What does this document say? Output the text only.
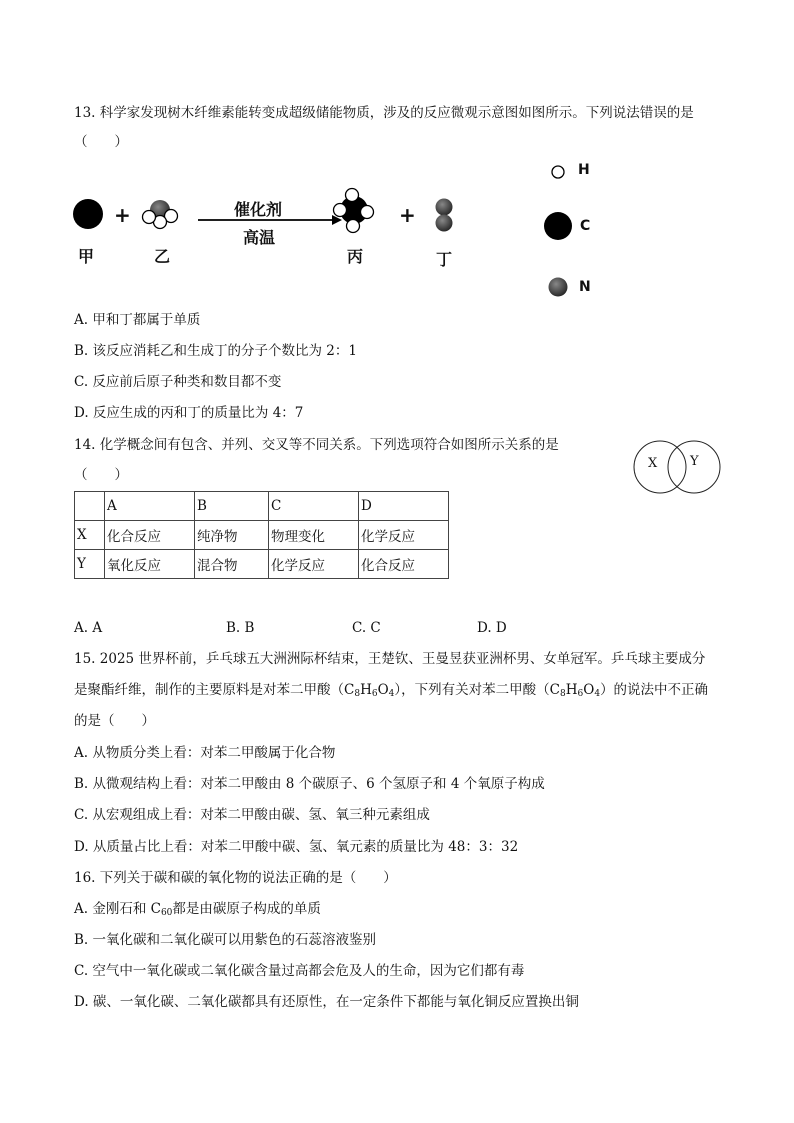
13. 科学家发现树木纤维素能转变成超级储能物质，涉及的反应微观示意图如图所示。下列说法错误的是
（　　）
+	+
催化剂
高温
甲	乙	丙	丁
H
C
N
A. 甲和丁都属于单质
B. 该反应消耗乙和生成丁的分子个数比为 2：1
C. 反应前后原子种类和数目都不变
D. 反应生成的丙和丁的质量比为 4：7
14. 化学概念间有包含、并列、交叉等不同关系。下列选项符合如图所示关系的是
（　　）
X	Y
	A	B	C	D
X	化合反应	纯净物	物理变化	化学反应
Y	氧化反应	混合物	化学反应	化合反应
A. A	B. B	C. C	D. D
15. 2025 世界杯前，乒乓球五大洲洲际杯结束，王楚钦、王曼昱获亚洲杯男、女单冠军。乒乓球主要成分
是聚酯纤维，制作的主要原料是对苯二甲酸$(C_8H_6O_4)$，下列有关对苯二甲酸$(C_8H_6O_4)$的说法中不正确
的是（　　）
A. 从物质分类上看：对苯二甲酸属于化合物
B. 从微观结构上看：对苯二甲酸由 8 个碳原子、6 个氢原子和 4 个氧原子构成
C. 从宏观组成上看：对苯二甲酸由碳、氢、氧三种元素组成
D. 从质量占比上看：对苯二甲酸中碳、氢、氧元素的质量比为 48：3：32
16. 下列关于碳和碳的氧化物的说法正确的是（　　）
A. 金刚石和 $C_{60}$都是由碳原子构成的单质
B. 一氧化碳和二氧化碳可以用紫色的石蕊溶液鉴别
C. 空气中一氧化碳或二氧化碳含量过高都会危及人的生命，因为它们都有毒
D. 碳、一氧化碳、二氧化碳都具有还原性，在一定条件下都能与氧化铜反应置换出铜
